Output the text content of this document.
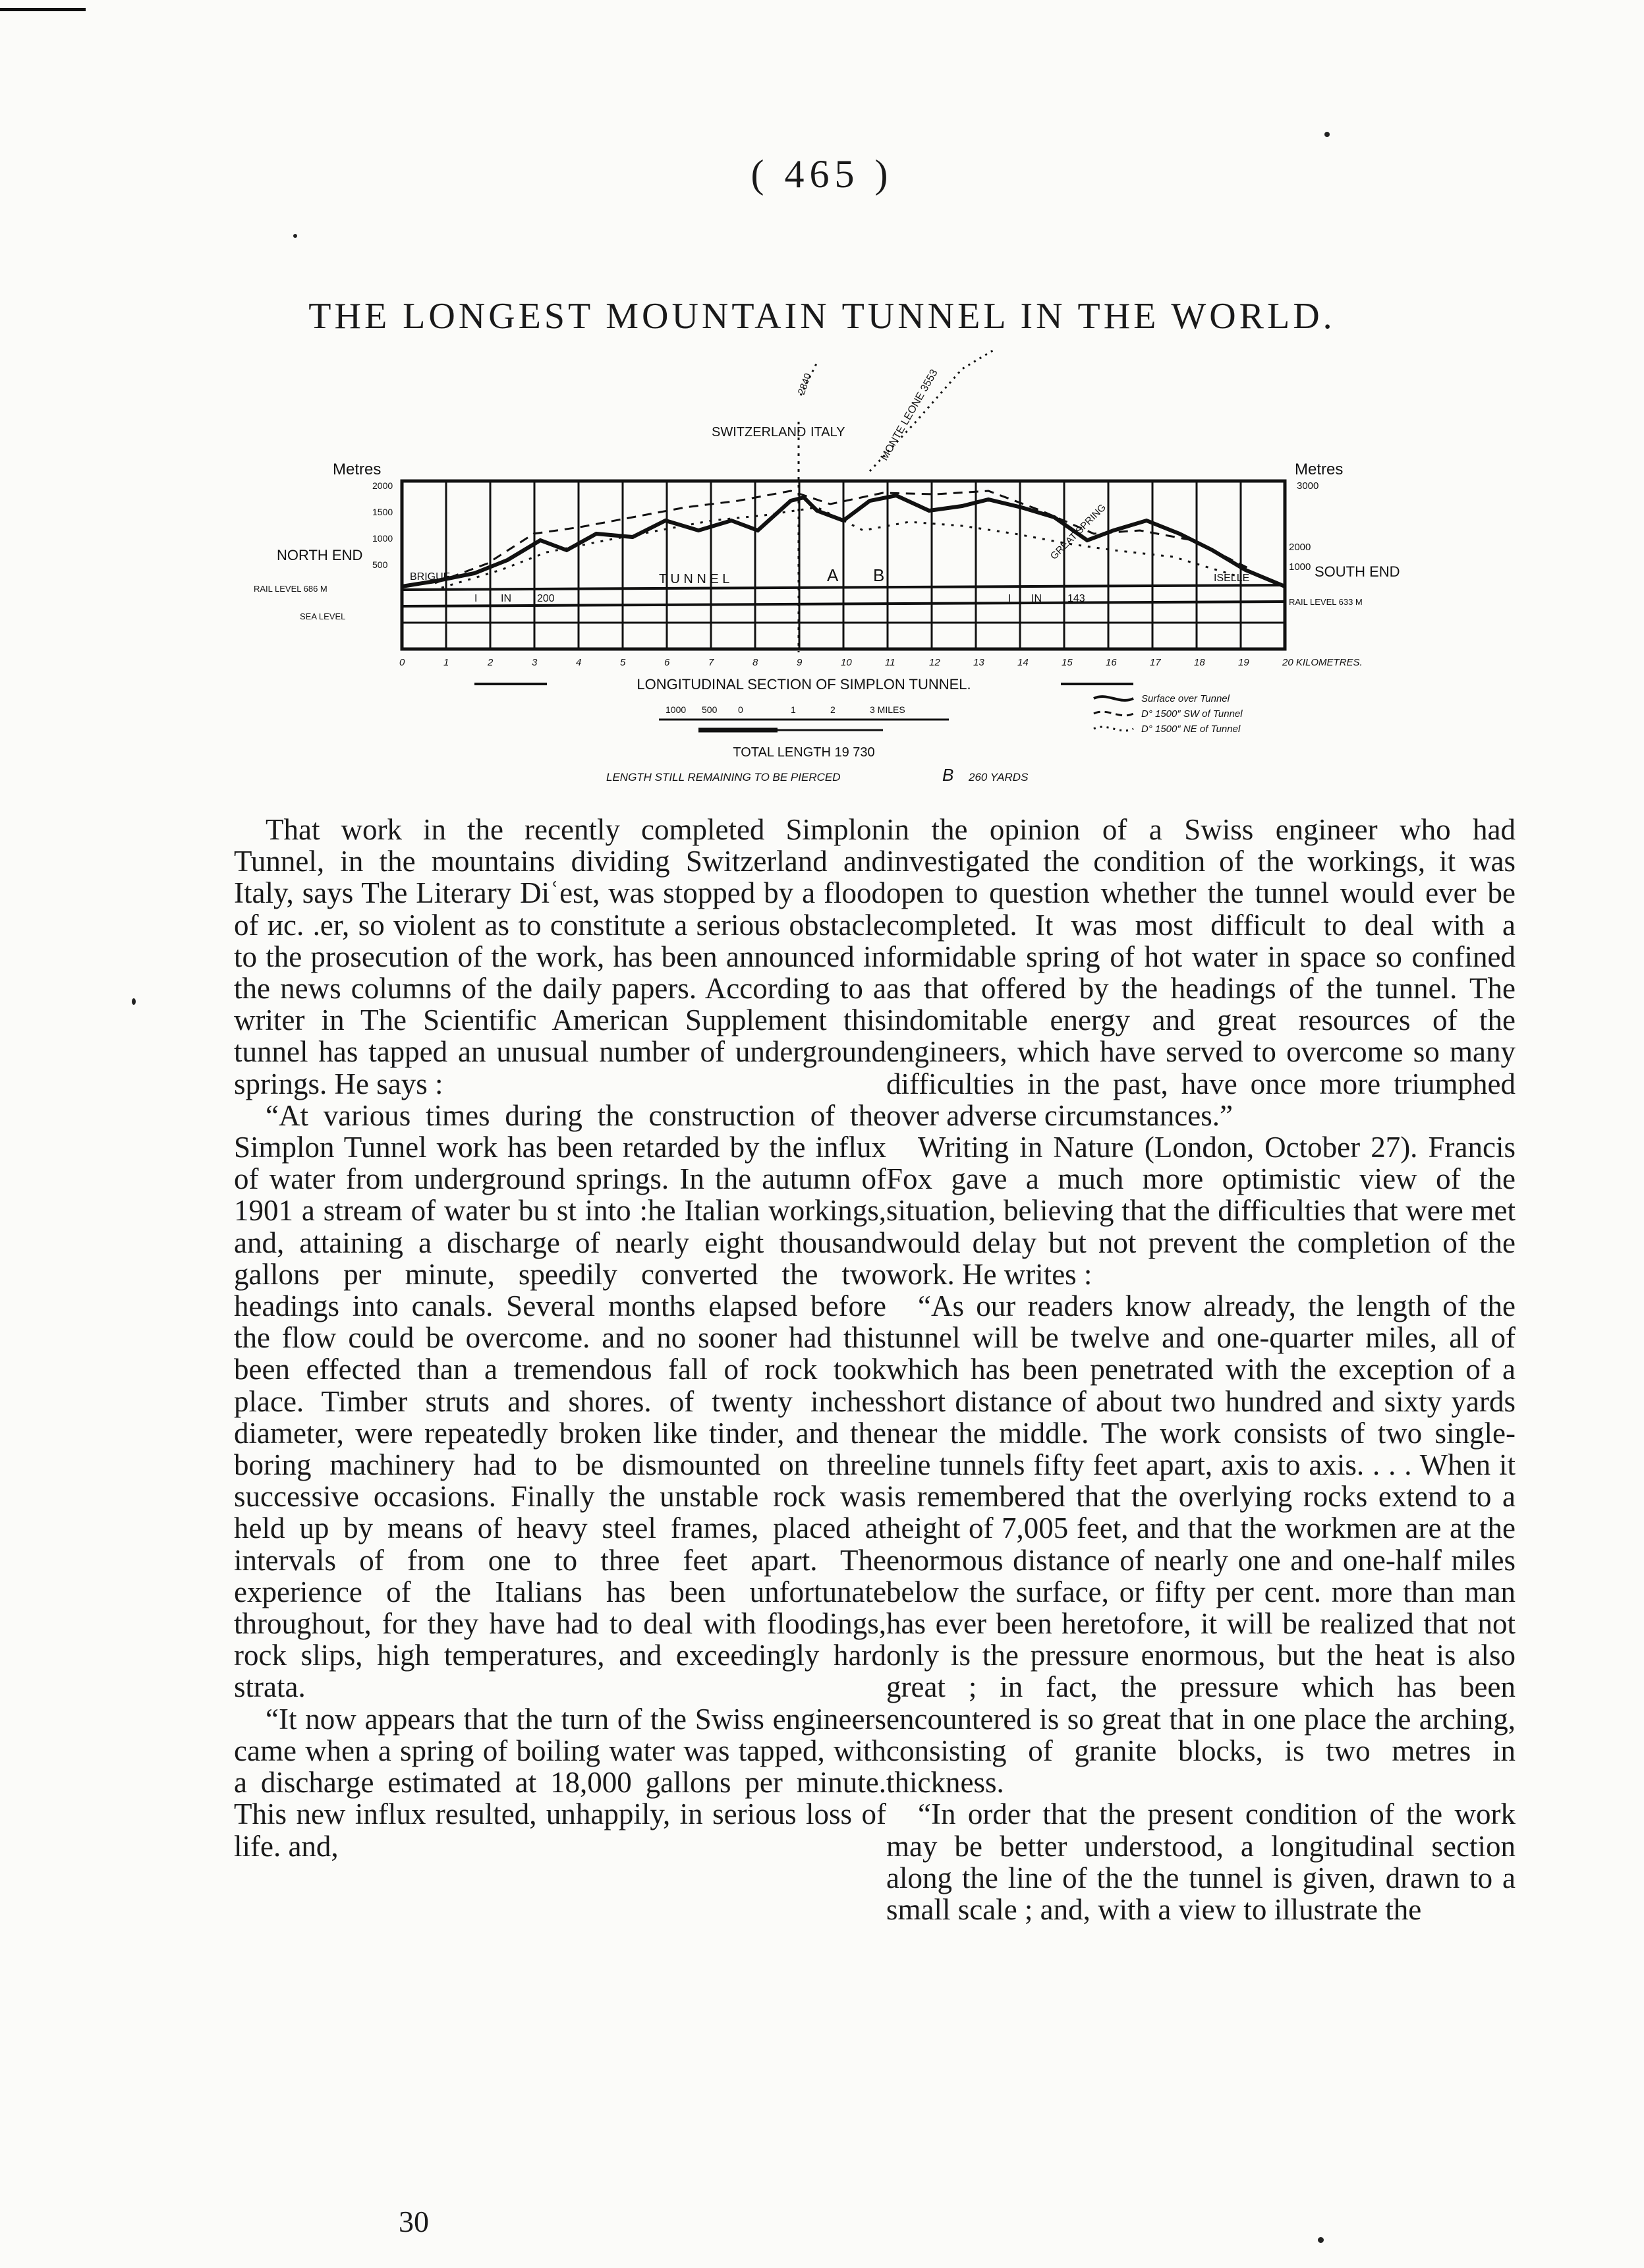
( 465 )
THE LONGEST MOUNTAIN TUNNEL IN THE WORLD.
SWITZERLAND ITALY	MONTE LEONE 3553
2840
Metres	Metres
3000
2000
1000
2000
1500
1000
500
NORTH END
SOUTH END
RAIL LEVEL 686 M
SEA LEVEL
RAIL LEVEL 633 M
BRIGUE	ISELLE
T U N N E L	A B
I IN 200	I IN 143
GREAT SPRING
0	1	2	3	4	5	6	7	8	9	10	11	12	13	14	15	16	17	18	19	20 KILOMETRES.
LONGITUDINAL SECTION OF SIMPLON TUNNEL.
1000 500 0	1	2	3 MILES
TOTAL LENGTH 19 730
LENGTH STILL REMAINING TO BE PIERCED	B 260 YARDS
Surface over Tunnel
D° 1500″ SW of Tunnel
D° 1500″ NE of Tunnel

That work in the recently completed Simplon Tunnel, in the mountains dividing Switzerland and Italy, says The Literary Diʿest, was stopped by a flood of ис. .er, so violent as to constitute a serious obstacle to the prosecution of the work, has been announced in the news columns of the daily papers. According to a writer in The Scientific American Supplement this tunnel has tapped an unusual number of underground springs. He says :

“At various times during the construction of the Simplon Tunnel work has been retarded by the influx of water from underground springs. In the autumn of 1901 a stream of water bu st into :he Italian workings, and, attaining a discharge of nearly eight thousand gallons per minute, speedily converted the two headings into canals. Several months elapsed before the flow could be overcome. and no sooner had this been effected than a tremendous fall of rock took place. Timber struts and shores. of twenty inches diameter, were repeatedly broken like tinder, and the boring machinery had to be dismounted on three successive occasions. Finally the unstable rock was held up by means of heavy steel frames, placed at intervals of from one to three feet apart. The experience of the Italians has been unfortunate throughout, for they have had to deal with floodings, rock slips, high temperatures, and exceedingly hard strata.

“It now appears that the turn of the Swiss engineers came when a spring of boiling water was tapped, with a discharge estimated at 18,000 gallons per minute. This new influx resulted, unhappily, in serious loss of life. and,

in the opinion of a Swiss engineer who had investigated the condition of the workings, it was open to question whether the tunnel would ever be completed. It was most difficult to deal with a formidable spring of hot water in space so confined as that offered by the headings of the tunnel. The indomitable energy and great resources of the engineers, which have served to overcome so many difficulties in the past, have once more triumphed over adverse circumstances.”

Writing in Nature (London, October 27). Francis Fox gave a much more optimistic view of the situation, believing that the difficulties that were met would delay but not prevent the completion of the work. He writes :

“As our readers know already, the length of the tunnel will be twelve and one-quarter miles, all of which has been penetrated with the exception of a short distance of about two hundred and sixty yards near the middle. The work consists of two single-line tunnels fifty feet apart, axis to axis. . . . When it is remembered that the overlying rocks extend to a height of 7,005 feet, and that the workmen are at the enormous distance of nearly one and one-half miles below the surface, or fifty per cent. more than man has ever been heretofore, it will be realized that not only is the pressure enormous, but the heat is also great ; in fact, the pressure which has been encountered is so great that in one place the arching, consisting of granite blocks, is two metres in thickness.

“In order that the present condition of the work may be better understood, a longitudinal section along the line of the the tunnel is given, drawn to a small scale ; and, with a view to illustrate the

30
